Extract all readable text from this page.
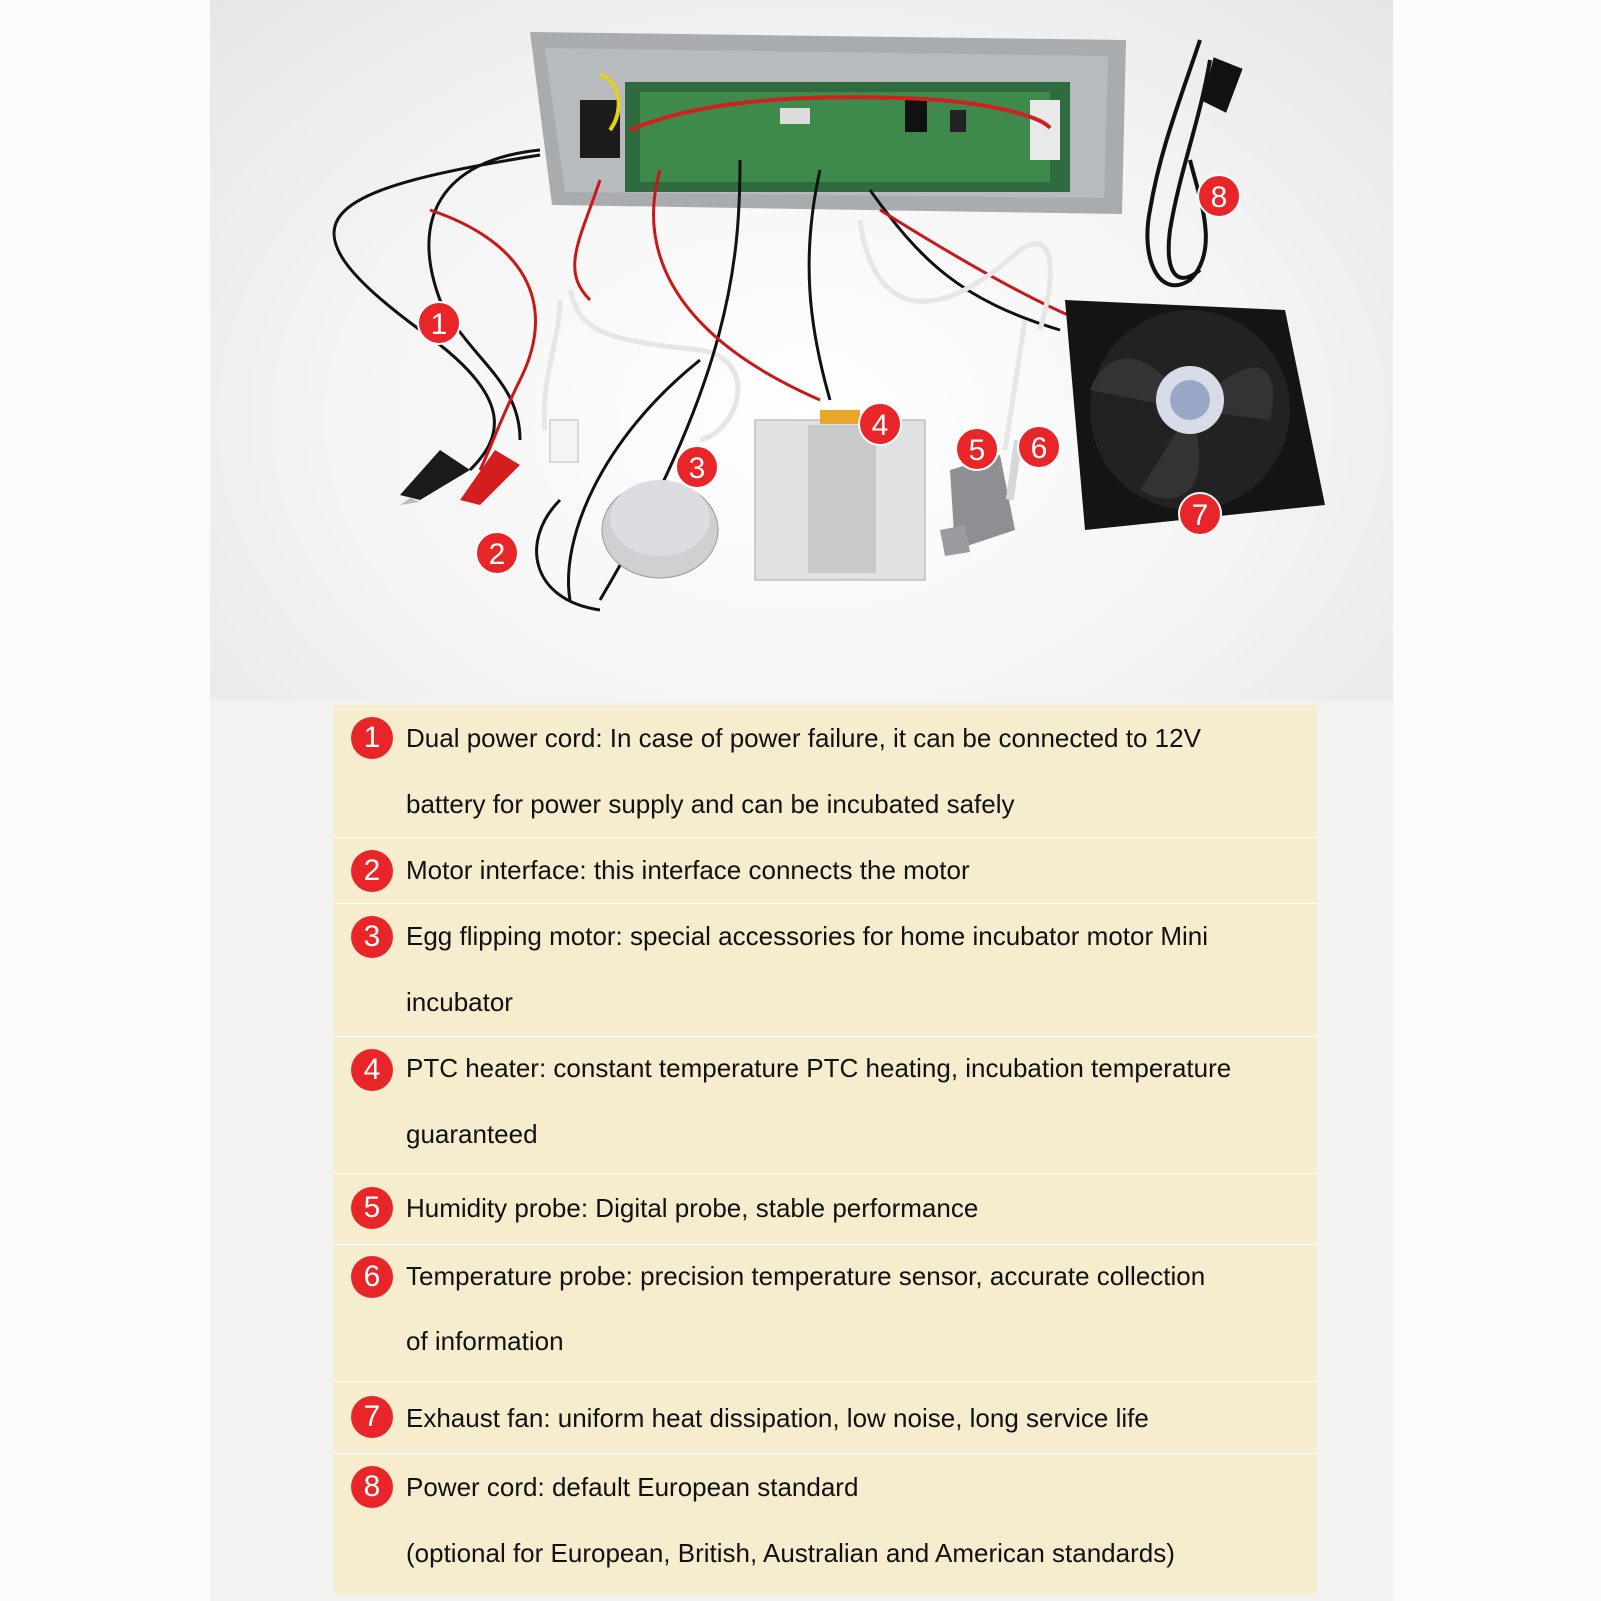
1
2
3
4
5 6
7
8
1 Dual power cord: In case of power failure, it can be connected to 12V
battery for power supply and can be incubated safely
2 Motor interface: this interface connects the motor
3 Egg flipping motor: special accessories for home incubator motor Mini
incubator
4 PTC heater: constant temperature PTC heating, incubation temperature
guaranteed
5 Humidity probe: Digital probe, stable performance
6 Temperature probe: precision temperature sensor, accurate collection
of information
7 Exhaust fan: uniform heat dissipation, low noise, long service life
8 Power cord: default European standard
(optional for European, British, Australian and American standards)
